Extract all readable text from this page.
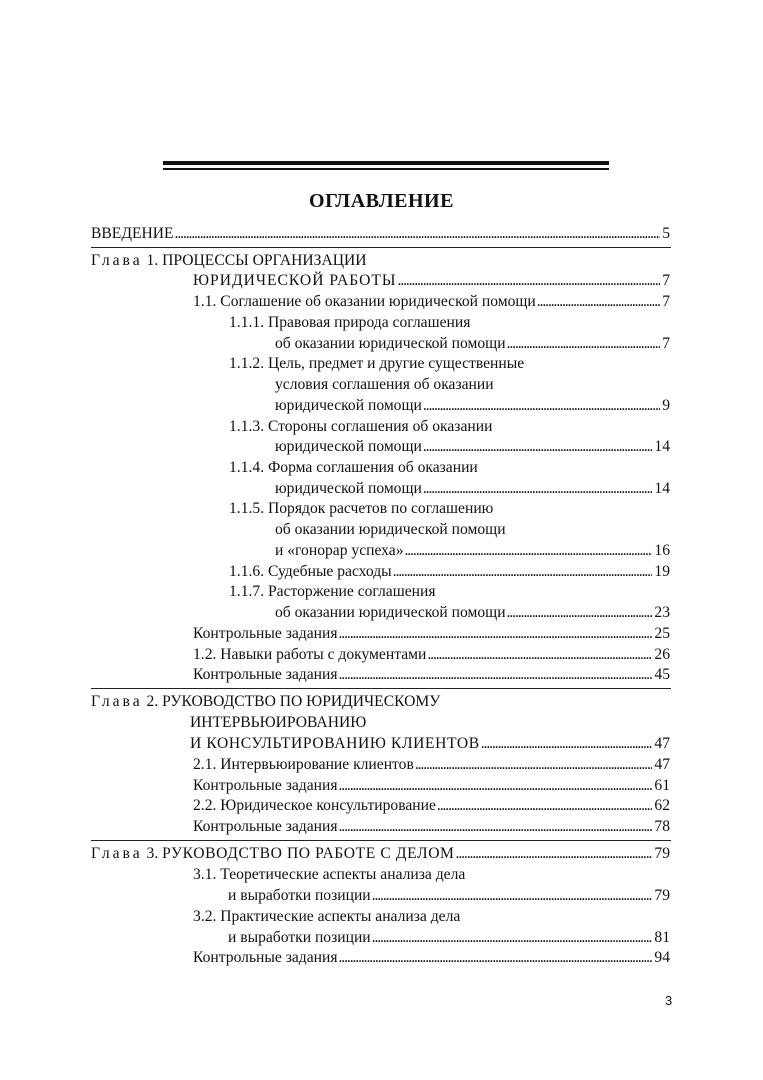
ОГЛАВЛЕНИЕ
ВВЕДЕНИЕ . . .	5
Глава 1. ПРОЦЕССЫ ОРГАНИЗАЦИИ
ЮРИДИЧЕСКОЙ РАБОТЫ . . .	7
1.1. Соглашение об оказании юридической помощи . . .	7
1.1.1. Правовая природа соглашения
об оказании юридической помощи . . .	7
1.1.2. Цель, предмет и другие существенные
условия соглашения об оказании
юридической помощи . . .	9
1.1.3. Стороны соглашения об оказании
юридической помощи . . .	14
1.1.4. Форма соглашения об оказании
юридической помощи . . .	14
1.1.5. Порядок расчетов по соглашению
об оказании юридической помощи
и «гонорар успеха» . . .	16
1.1.6. Судебные расходы . . .	19
1.1.7. Расторжение соглашения
об оказании юридической помощи . . .	23
Контрольные задания . . .	25
1.2. Навыки работы с документами . . .	26
Контрольные задания . . .	45
Глава 2. РУКОВОДСТВО ПО ЮРИДИЧЕСКОМУ
ИНТЕРВЬЮИРОВАНИЮ
И КОНСУЛЬТИРОВАНИЮ КЛИЕНТОВ . . .	47
2.1. Интервьюирование клиентов . . .	47
Контрольные задания . . .	61
2.2. Юридическое консультирование . . .	62
Контрольные задания . . .	78
Глава 3. РУКОВОДСТВО ПО РАБОТЕ С ДЕЛОМ . . .	79
3.1. Теоретические аспекты анализа дела
и выработки позиции . . .	79
3.2. Практические аспекты анализа дела
и выработки позиции . . .	81
Контрольные задания . . .	94
3
